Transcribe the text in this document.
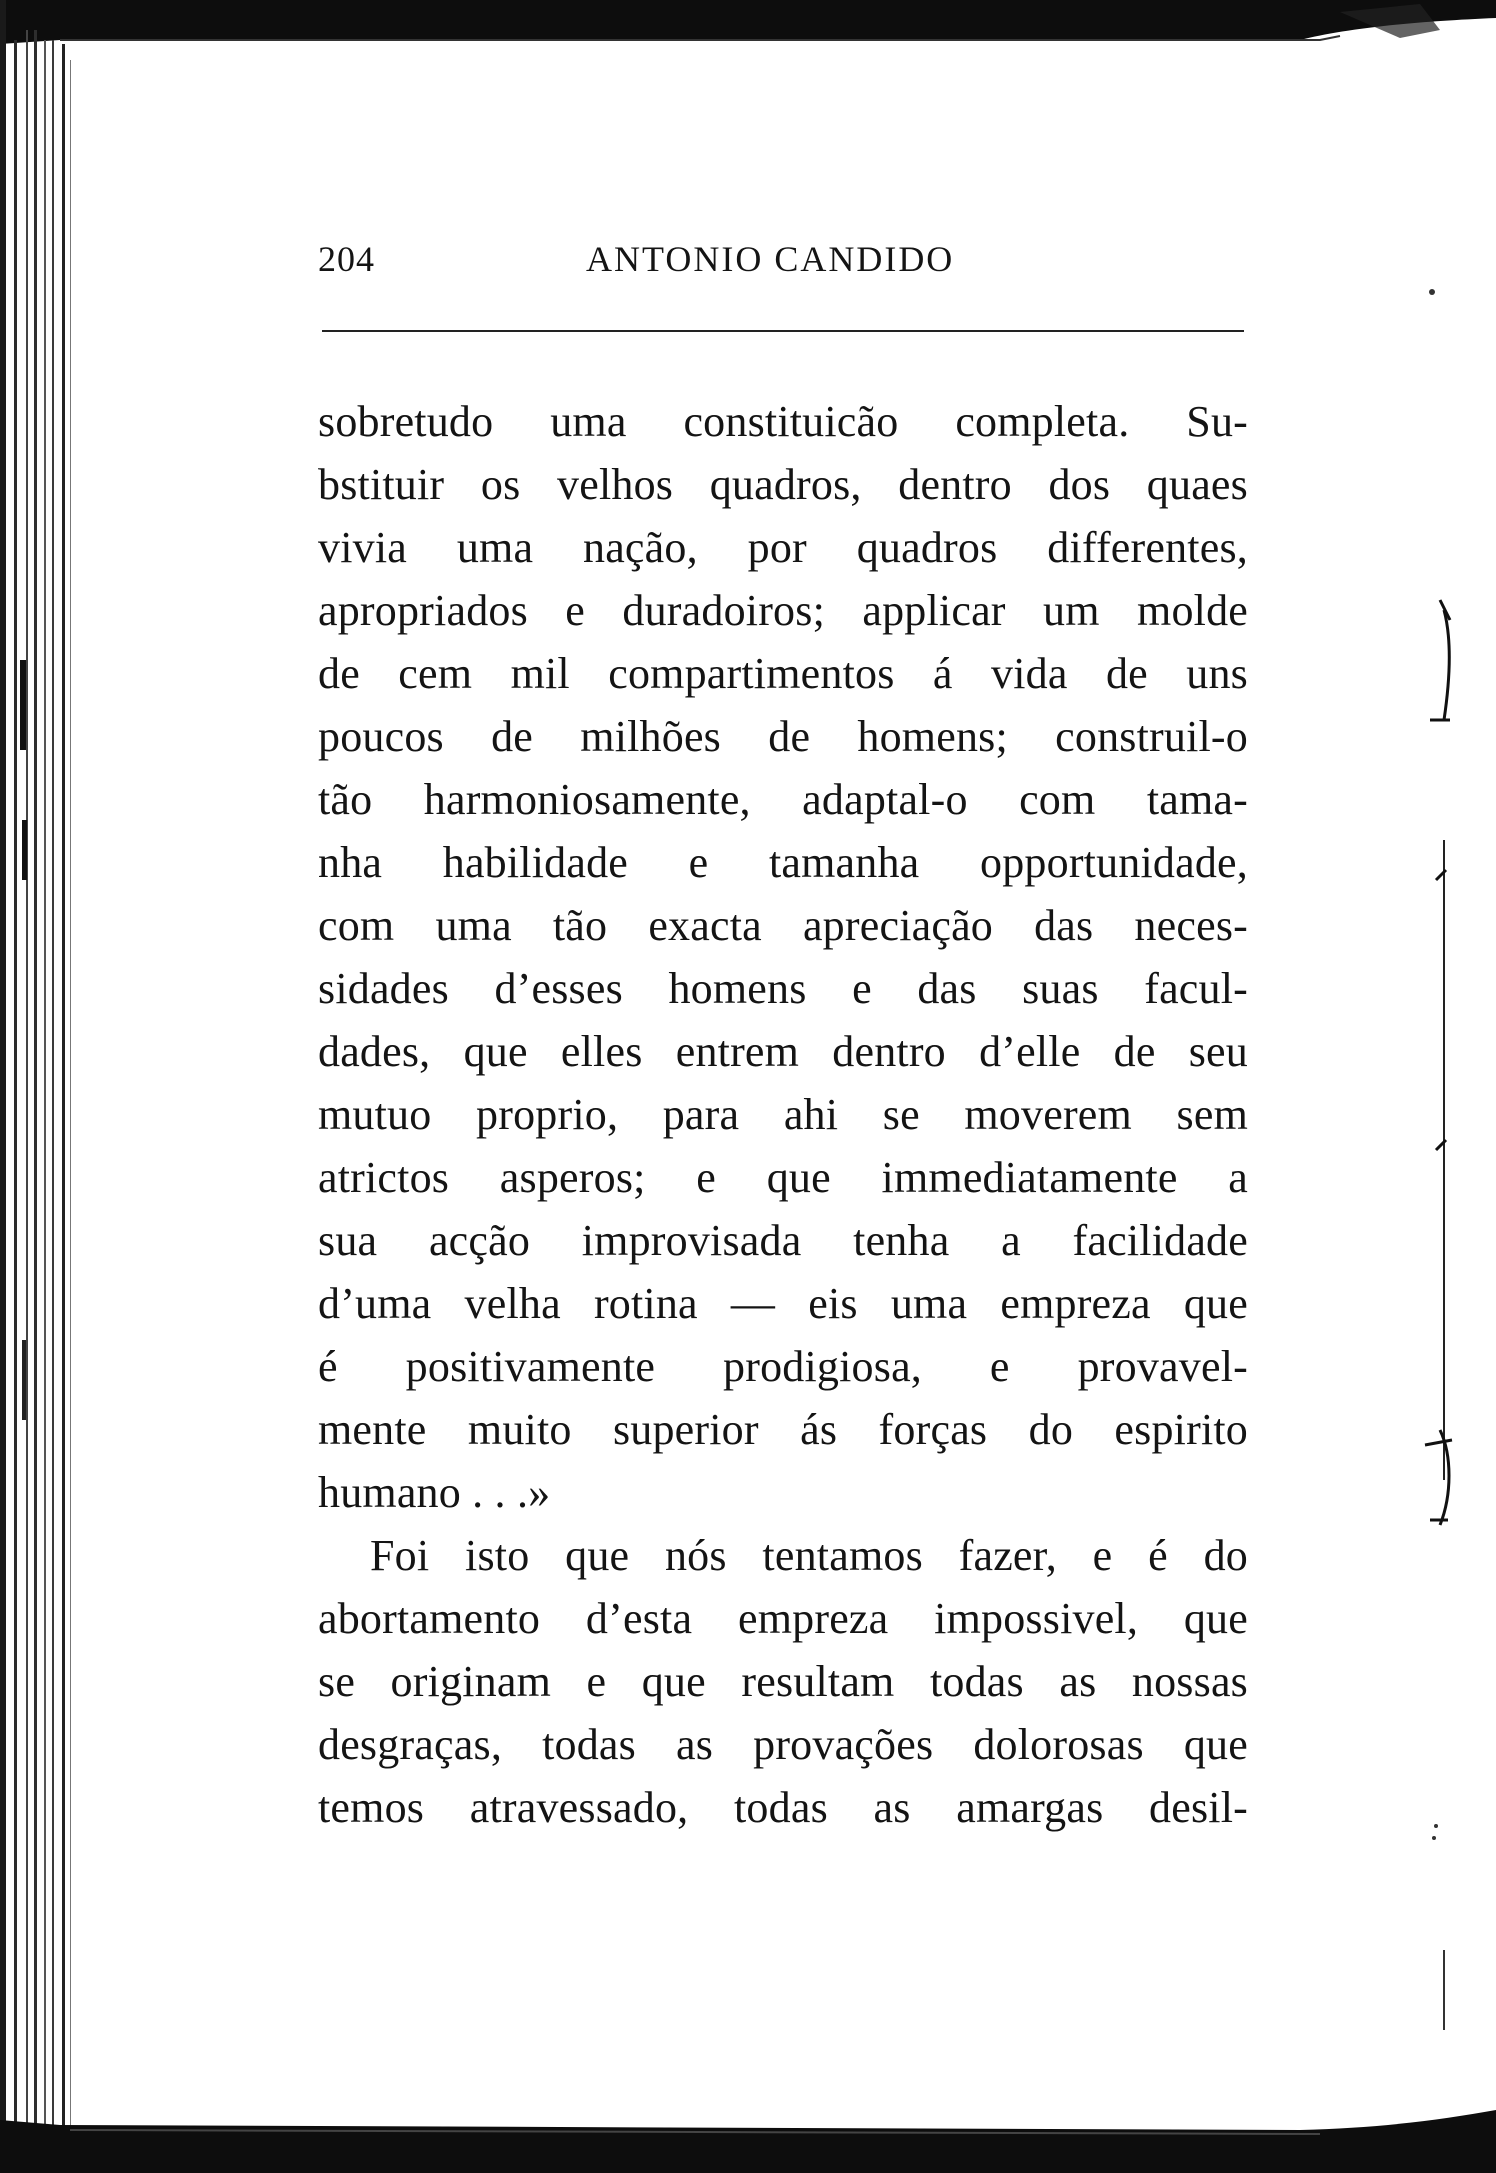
204	ANTONIO CANDIDO
sobretudo uma constituicão completa. Su-
bstituir os velhos quadros, dentro dos quaes
vivia uma nação, por quadros differentes,
apropriados e duradoiros; applicar um molde
de cem mil compartimentos á vida de uns
poucos de milhões de homens; construil-o
tão harmoniosamente, adaptal-o com tama-
nha habilidade e tamanha opportunidade,
com uma tão exacta apreciação das neces-
sidades d’esses homens e das suas facul-
dades, que elles entrem dentro d’elle de seu
mutuo proprio, para ahi se moverem sem
atrictos asperos; e que immediatamente a
sua acção improvisada tenha a facilidade
d’uma velha rotina — eis uma empreza que
é positivamente prodigiosa, e provavel-
mente muito superior ás forças do espirito
humano . . .»
Foi isto que nós tentamos fazer, e é do
abortamento d’esta empreza impossivel, que
se originam e que resultam todas as nossas
desgraças, todas as provações dolorosas que
temos atravessado, todas as amargas desil-
